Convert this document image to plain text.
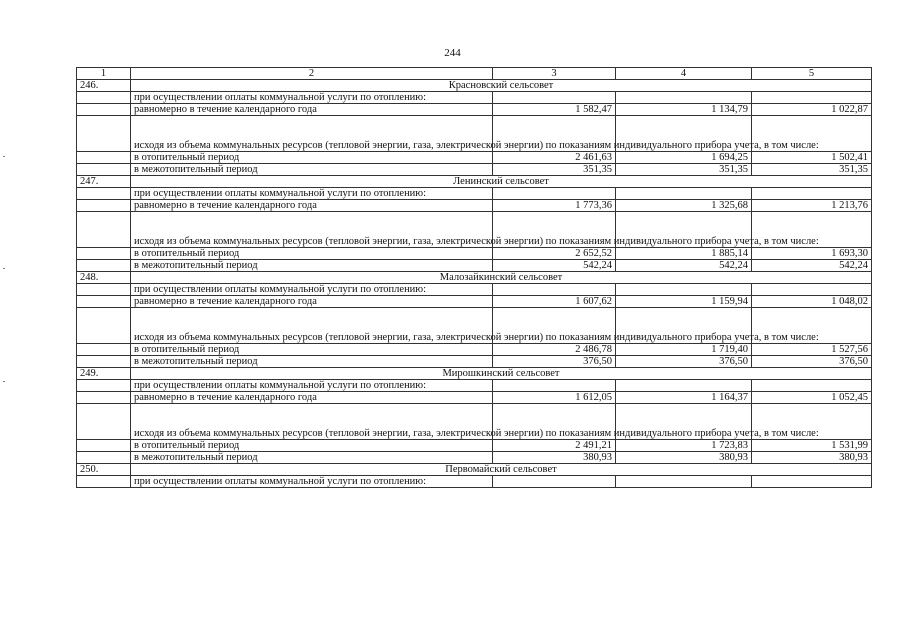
244
1	2	3	4	5
246.	Красновский сельсовет			
	при осуществлении оплаты коммунальной услуги по отоплению:			
	равномерно в течение календарного года	1 582,47	1 134,79	1 022,87
	исходя из объема коммунальных ресурсов (тепловой энергии, газа, электрической энергии) по показаниям индивидуального прибора учета, в том числе:			
	в отопительный период	2 461,63	1 694,25	1 502,41
	в межотопительный период	351,35	351,35	351,35
247.	Ленинский сельсовет			
	при осуществлении оплаты коммунальной услуги по отоплению:			
	равномерно в течение календарного года	1 773,36	1 325,68	1 213,76
	исходя из объема коммунальных ресурсов (тепловой энергии, газа, электрической энергии) по показаниям индивидуального прибора учета, в том числе:			
	в отопительный период	2 652,52	1 885,14	1 693,30
	в межотопительный период	542,24	542,24	542,24
248.	Малозайкинский сельсовет			
	при осуществлении оплаты коммунальной услуги по отоплению:			
	равномерно в течение календарного года	1 607,62	1 159,94	1 048,02
	исходя из объема коммунальных ресурсов (тепловой энергии, газа, электрической энергии) по показаниям индивидуального прибора учета, в том числе:			
	в отопительный период	2 486,78	1 719,40	1 527,56
	в межотопительный период	376,50	376,50	376,50
249.	Мирошкинский сельсовет			
	при осуществлении оплаты коммунальной услуги по отоплению:			
	равномерно в течение календарного года	1 612,05	1 164,37	1 052,45
	исходя из объема коммунальных ресурсов (тепловой энергии, газа, электрической энергии) по показаниям индивидуального прибора учета, в том числе:			
	в отопительный период	2 491,21	1 723,83	1 531,99
	в межотопительный период	380,93	380,93	380,93
250.	Первомайский сельсовет			
	при осуществлении оплаты коммунальной услуги по отоплению:			
